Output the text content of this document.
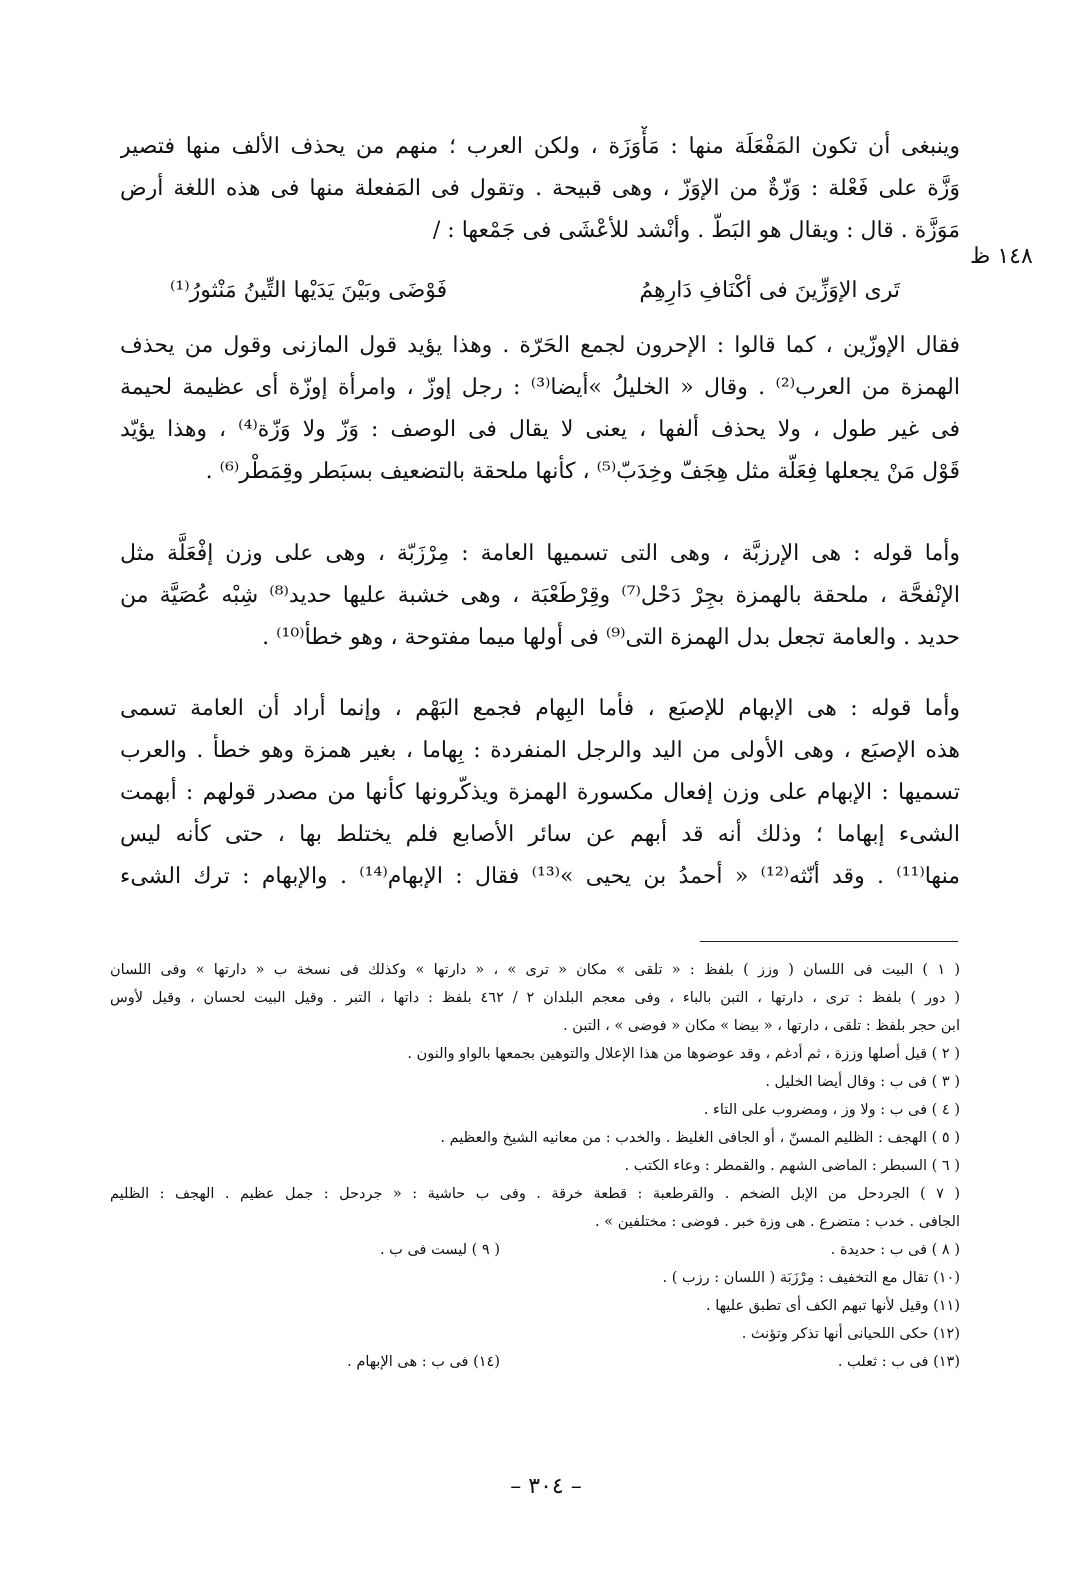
١٤٨ ظ
وينبغى أن تكون المَفْعَلَة منها : مَأْوَزَة ، ولكن العرب ؛ منهم من يحذف الألف منها فتصير
وَزَّة على فَعْلة : وَزّةٌ من الإوَزّ ، وهى قبيحة . وتقول فى المَفعلة منها فى هذه اللغة أرض
مَوَزَّة . قال : ويقال هو البَطّ . وأنْشد للأعْشَى فى جَمْعها : /
تَرى الإوَزِّينَ فى أكْنَافِ دَارِهِمُ
فَوْضَى وبَيْنَ يَدَيْها التِّينُ مَنْثورُ⁽¹⁾
فقال الإوزّين ، كما قالوا : الإحرون لجمع الحَرّة . وهذا يؤيد قول المازنى وقول من يحذف
الهمزة من العرب⁽²⁾ . وقال « الخليلُ »أيضا⁽³⁾ : رجل إوزّ ، وامرأة إوزّة أى عظيمة لحيمة
فى غير طول ، ولا يحذف ألفها ، يعنى لا يقال فى الوصف : وَزّ ولا وَزّة⁽⁴⁾ ، وهذا يؤيّد
قَوْل مَنْ يجعلها فِعَلّة مثل هِجَفّ وخِدَبّ⁽⁵⁾ ، كأنها ملحقة بالتضعيف بسبَطر وقِمَطْر⁽⁶⁾ .
وأما قوله : هى الإرزبَّة ، وهى التى تسميها العامة : مِرْزَبّة ، وهى على وزن إفْعَلَّة مثل
الإنْفحَّة ، ملحقة بالهمزة بجِرْ دَحْل⁽⁷⁾ وقِرْطَعْبَة ، وهى خشبة عليها حديد⁽⁸⁾ شِبْه عُصَيَّة من
حديد . والعامة تجعل بدل الهمزة التى⁽⁹⁾ فى أولها ميما مفتوحة ، وهو خطأ⁽¹⁰⁾ .
وأما قوله : هى الإبهام للإصبَع ، فأما البِهام فجمع البَهْم ، وإنما أراد أن العامة تسمى
هذه الإصبَع ، وهى الأولى من اليد والرجل المنفردة : بِهاما ، بغير همزة وهو خطأ . والعرب
تسميها : الإبهام على وزن إفعال مكسورة الهمزة ويذكّرونها كأنها من مصدر قولهم : أبهمت
الشىء إبهاما ؛ وذلك أنه قد أبهم عن سائر الأصابع فلم يختلط بها ، حتى كأنه ليس
منها⁽¹¹⁾ . وقد أنّثه⁽¹²⁾ « أحمدُ بن يحيى »⁽¹³⁾ فقال : الإبهام⁽¹⁴⁾ . والإبهام : ترك الشىء
( ١ ) البيت فى اللسان ( وزز ) بلفظ : « تلقى » مكان « ترى » ، « دارتها » وكذلك فى نسخة ب « دارتها » وفى اللسان
( دور ) بلفظ : ترى ، دارتها ، التبن بالباء ، وفى معجم البلدان ٢ / ٤٦٢ بلفظ : داتها ، التبر . وقيل البيت لحسان ، وقيل لأوس
ابن حجر بلفظ : تلقى ، دارتها ، « بيضا » مكان « فوضى » ، التبن .
( ٢ ) قيل أصلها وززة ، ثم أدغم ، وقد عوضوها من هذا الإعلال والتوهين بجمعها بالواو والنون .
( ٣ ) فى ب : وقال أيضا الخليل .
( ٤ ) فى ب : ولا وز ، ومضروب على التاء .
( ٥ ) الهجف : الظليم المسنّ ، أو الجافى الغليظ . والخدب : من معانيه الشيخ والعظيم .
( ٦ ) السبطر : الماضى الشهم . والقمطر : وعاء الكتب .
( ٧ ) الجردحل من الإبل الضخم . والقرطعبة : قطعة خرقة . وفى ب حاشية : « جردحل : جمل عظيم . الهجف : الظليم
الجافى . خدب : متضرع . هى وزة خبر . فوضى : مختلفين » .
( ٨ ) فى ب : حديدة .
( ٩ ) ليست فى ب .
(١٠) تقال مع التخفيف : مِرْزَبَة ( اللسان : رزب ) .
(١١) وقيل لأنها تبهم الكف أى تطبق عليها .
(١٢) حكى اللحيانى أنها تذكر وتؤنث .
(١٣) فى ب : ثعلب .
(١٤) فى ب : هى الإبهام .
– ٣٠٤ –
